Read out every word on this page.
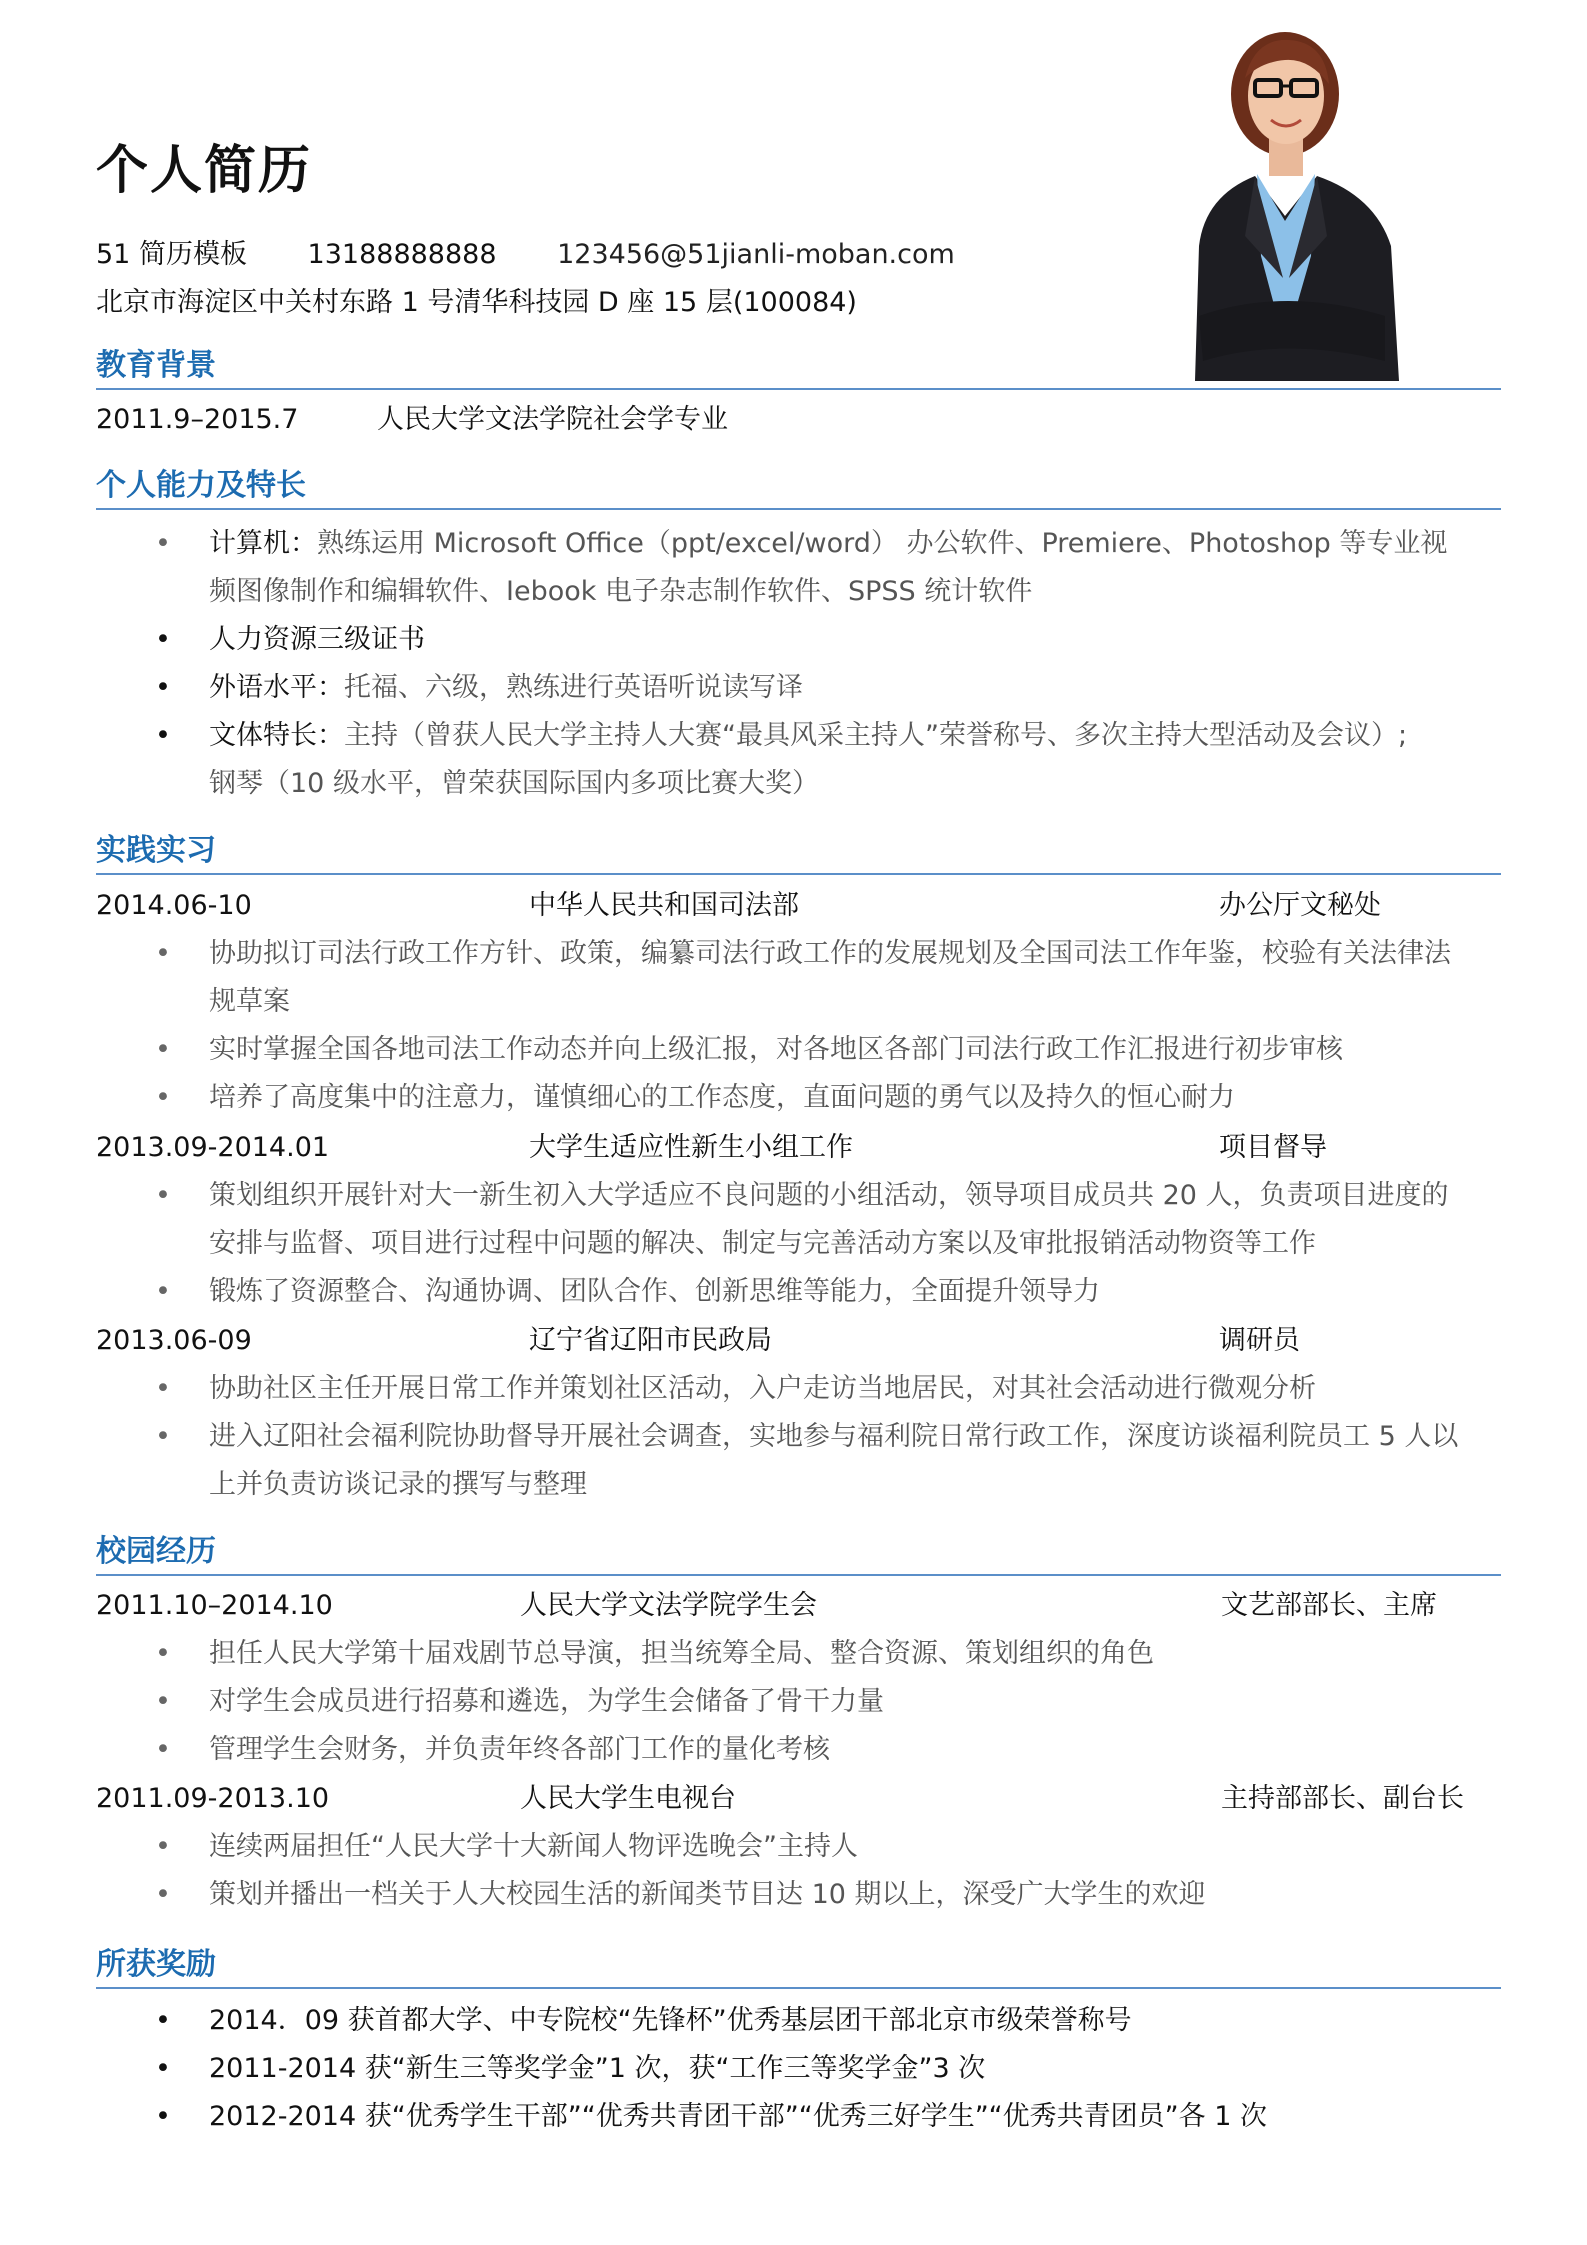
个人简历
51 简历模板 13188888888 123456@51jianli-moban.com
北京市海淀区中关村东路 1 号清华科技园 D 座 15 层(100084)
教育背景
2011.9–2015.7	人民大学文法学院社会学专业
个人能力及特长
• 计算机：熟练运用 Microsoft Office（ppt/excel/word） 办公软件、Premiere、Photoshop 等专业视
频图像制作和编辑软件、Iebook 电子杂志制作软件、SPSS 统计软件
• 人力资源三级证书
• 外语水平：托福、六级，熟练进行英语听说读写译
• 文体特长：主持（曾获人民大学主持人大赛“最具风采主持人”荣誉称号、多次主持大型活动及会议）;
钢琴（10 级水平，曾荣获国际国内多项比赛大奖）
实践实习
2014.06-10	中华人民共和国司法部	办公厅文秘处
• 协助拟订司法行政工作方针、政策，编纂司法行政工作的发展规划及全国司法工作年鉴，校验有关法律法
规草案
• 实时掌握全国各地司法工作动态并向上级汇报，对各地区各部门司法行政工作汇报进行初步审核
• 培养了高度集中的注意力，谨慎细心的工作态度，直面问题的勇气以及持久的恒心耐力
2013.09-2014.01	大学生适应性新生小组工作	项目督导
• 策划组织开展针对大一新生初入大学适应不良问题的小组活动，领导项目成员共 20 人，负责项目进度的
安排与监督、项目进行过程中问题的解决、制定与完善活动方案以及审批报销活动物资等工作
• 锻炼了资源整合、沟通协调、团队合作、创新思维等能力，全面提升领导力
2013.06-09	辽宁省辽阳市民政局	调研员
• 协助社区主任开展日常工作并策划社区活动，入户走访当地居民，对其社会活动进行微观分析
• 进入辽阳社会福利院协助督导开展社会调查，实地参与福利院日常行政工作，深度访谈福利院员工 5 人以
上并负责访谈记录的撰写与整理
校园经历
2011.10–2014.10	人民大学文法学院学生会	文艺部部长、主席
• 担任人民大学第十届戏剧节总导演，担当统筹全局、整合资源、策划组织的角色
• 对学生会成员进行招募和遴选，为学生会储备了骨干力量
• 管理学生会财务，并负责年终各部门工作的量化考核
2011.09-2013.10	人民大学生电视台	主持部部长、副台长
• 连续两届担任“人民大学十大新闻人物评选晚会”主持人
• 策划并播出一档关于人大校园生活的新闻类节目达 10 期以上，深受广大学生的欢迎
所获奖励
• 2014．09 获首都大学、中专院校“先锋杯”优秀基层团干部北京市级荣誉称号
• 2011-2014 获“新生三等奖学金”1 次，获“工作三等奖学金”3 次
• 2012-2014 获“优秀学生干部”“优秀共青团干部”“优秀三好学生”“优秀共青团员”各 1 次
